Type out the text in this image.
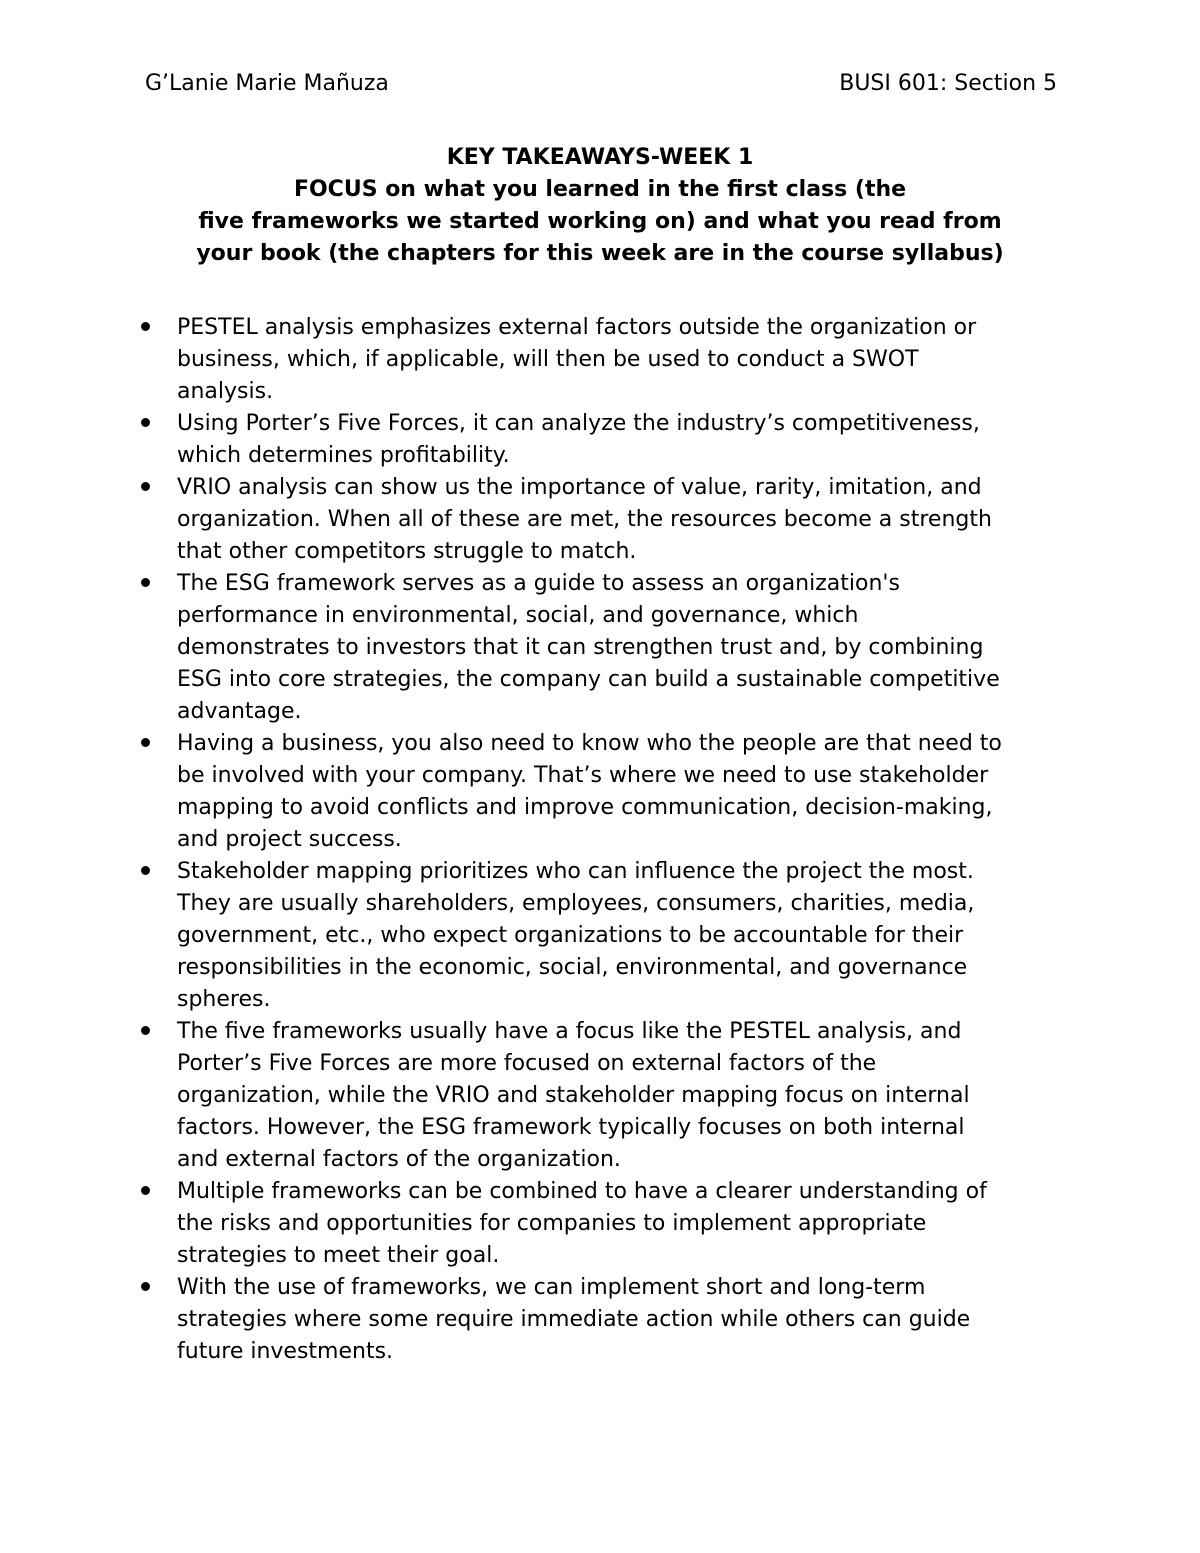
G’Lanie Marie Mañuza	BUSI 601: Section 5
KEY TAKEAWAYS-WEEK 1
FOCUS on what you learned in the first class (the
five frameworks we started working on) and what you read from
your book (the chapters for this week are in the course syllabus)
PESTEL analysis emphasizes external factors outside the organization or
business, which, if applicable, will then be used to conduct a SWOT
analysis.
Using Porter’s Five Forces, it can analyze the industry’s competitiveness,
which determines profitability.
VRIO analysis can show us the importance of value, rarity, imitation, and
organization. When all of these are met, the resources become a strength
that other competitors struggle to match.
The ESG framework serves as a guide to assess an organization's
performance in environmental, social, and governance, which
demonstrates to investors that it can strengthen trust and, by combining
ESG into core strategies, the company can build a sustainable competitive
advantage.
Having a business, you also need to know who the people are that need to
be involved with your company. That’s where we need to use stakeholder
mapping to avoid conflicts and improve communication, decision-making,
and project success.
Stakeholder mapping prioritizes who can influence the project the most.
They are usually shareholders, employees, consumers, charities, media,
government, etc., who expect organizations to be accountable for their
responsibilities in the economic, social, environmental, and governance
spheres.
The five frameworks usually have a focus like the PESTEL analysis, and
Porter’s Five Forces are more focused on external factors of the
organization, while the VRIO and stakeholder mapping focus on internal
factors. However, the ESG framework typically focuses on both internal
and external factors of the organization.
Multiple frameworks can be combined to have a clearer understanding of
the risks and opportunities for companies to implement appropriate
strategies to meet their goal.
With the use of frameworks, we can implement short and long-term
strategies where some require immediate action while others can guide
future investments.
